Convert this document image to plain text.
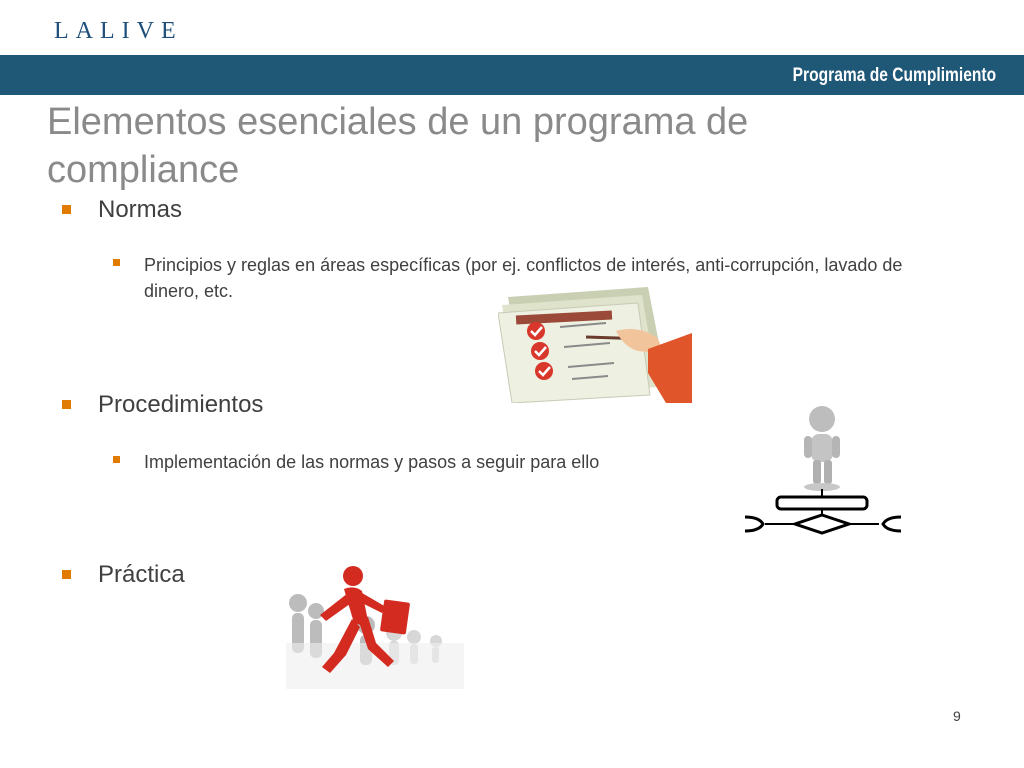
LALIVE
Programa de Cumplimiento
Elementos esenciales de un programa de compliance
Normas
Principios y reglas en áreas específicas (por ej. conflictos de interés, anti-corrupción, lavado de dinero, etc.
Procedimientos
Implementación de las normas y pasos a seguir para ello
Práctica
9
